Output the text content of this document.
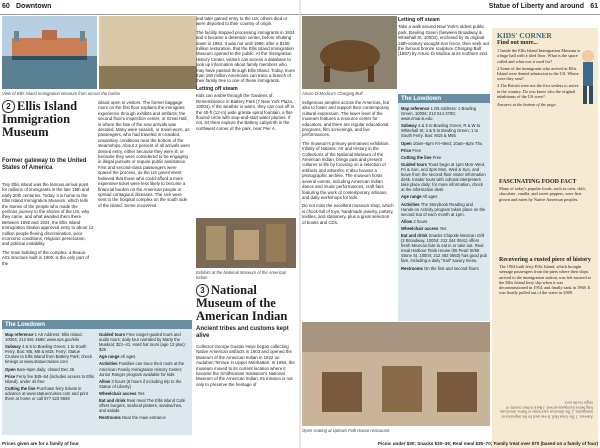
60 Downtown
View of Ellis Island Immigration Museum from across the harbor
2 Ellis Island Immigration Museum
Former gateway to the United States of America

Tiny Ellis Island was the famous arrival point for millions of immigrants in the late 19th and early 20th centuries. Today, it is home to the Ellis Island Immigration Museum, which tells the stories of the people who made the perilous journey to the shores of the US, why they came, and what awaited them there. Between 1892 and 1924, the Ellis Island Immigration Station approved entry to about 12 million people fleeing discrimination, poor economic conditions, religious persecution, and political instability.

The main building of the complex, a Beaux-Arts structure built in 1900, is the only part of the

island open to visitors. The former baggage room on the first floor explains the immigrant experience through exhibits and artifacts; the second floor's inspection center, or Great Hall, is where the fate of the new arrivals was decided. Many were seasick, or travel-worn, as passengers, who had traveled in crowded, unsanitary conditions near the bottom of the steamships. About 2 percent of all arrivals were denied entry, either because they were ill, or because they were considered to be engaging in illegal pursuits or require public assistance. First and second-class passengers were spared the process, as the US government believed that those who could afford a more expensive ticket were less likely to become a financial burden on the American people or spread contagious diseases. The sick were sent to the hospital complex on the south side of the island. Some recovered

and later gained entry to the US; others died or were deported to their country of origin.

The facility stopped processing immigrants in 1924 and it became a detention center, before shutting down in 1954. It was not until 1990, after a $160 million restoration, that the Ellis Island Immigration Museum opened to the public. At the Immigration History Center, visitors can access a database to look up information about family members who may have passed through Ellis Island. Today, more than 150 million Americans can trace a branch of their family tree to one of these immigrants.

Letting off steam

Kids can amble through the Gardens of Remembrance in Battery Park (7 New York Plaza, 10004). If the weather is warm, they can cool off in the 40-ft (12-m) wide granite spiral fountain, a flat-floored circle with stop-and-start water plumes. If not, let them explore the Battery Labyrinth in the northwest corner of the park, near Pier A.

Exhibits at the National Museum of the American Indian
3 National Museum of the American Indian
Ancient tribes and customs kept alive

Collector George Gustav Heye began collecting Native American artifacts in 1903 and opened the Museum of the American Indian in 1922 on Audubon Terrace in Upper Manhattan. In 1994, the museum moved to its current location where it became the Smithsonian Institution's National Museum of the American Indian. Its mission is not only to preserve the heritage of

The Lowdown
Map reference 1 A5 Address: Ellis Island, 10004; 212 561 4588; www.nps.gov/elis
Subway 4 & 5 to Bowling Green; 1 to South Ferry. Bus: M5, M6 & M15. Ferry: Statue Cruises to Ellis Island from Battery Park; check timings at www.statuecruises.com
Open 9am–5pm daily; closed Dec 25
Price Ferry fee $45–54 (includes access to Ellis Island), under 4s free
Cutting the line Purchase ferry tickets in advance at www.statuecruises.com and print them at home or call 877 523 9849
Guided tours Free ranger-guided tours and audio tours; daily tour narrated by Marty the Muskrat; $21–41. Hard hat tours (age 13 plus): $25
Age range All ages
Activities Families can trace their roots at the American Family Immigration History Center; Junior Ranger program available for kids
Allow 3 hours (6 hours if including trip to the Statue of Liberty)
Wheelchair access Yes
Eat and drink Real meal The Ellis Island Café offers burgers, seafood platters, sandwiches, and salads.
Restrooms Near the main entrance
Prices given are for a family of four
Statue of Liberty and around 61
Arturo Di Modica's Charging Bull

indigenous peoples across the Americas, but also to foster and support their contemporary cultural expression. The lower level of the museum features a resource center for educators, and there are regular educational programs, film screenings, and live performances.

The museum's primary permanent exhibition, Infinity of Nations: Art and History in the Collections of the National Museum of the American Indian, brings past and present cultures to life by focusing on a selection of artifacts and artworks. It also houses a photographic archive. The museum hosts several events, including American Indian dance and music performances, craft fairs featuring the work of contemporary artisans, and daily workshops for kids.

Do not miss the excellent museum shop, which is chock-full of toys, handmade jewelry, pottery, textiles, and stationery, plus a great selection of books and CDs.

Open seating at Uptown Folk House restaurant
Letting off steam

Take a walk around New York's oldest public park, Bowling Green (between Broadway & Whitehall St, 10004), enclosed by its original 18th-century wrought-iron fence, then seek out the famous bronze sculpture Charging Bull (1987) by Arturo Di Modica at its northern end.

The Lowdown
Map reference 1 D5 Address: 1 Bowling Green, 10004; 212 514 3700; www.nmai.si.edu
Subway 4 & 5 to Bowling Green; R & W to Whitehall St; 4 & 5 to Bowling Green; 1 to South Ferry. Bus: M15 & M55
Open 10am–5pm Fri–Wed; 10am–8pm Thu
Price Free
Cutting the line Free
Guided tours Tours begin at 1pm Mon–Wed, Fri & Sun, and 3pm Mon, Wed & Sun, and leave from the second-floor visitor information desk. Insider tours with cultural interpreters take place daily; for more information, check at the information desk
Age range All ages
Activities The Storybook Reading and Hands-on Activity program takes place on the second Sat of each month at 1pm.
Allow 2 hours
Wheelchair access Yes
Eat and drink Snacks Chipotle Mexican Grill (2 Broadway, 10004; 212 344 0941) offers fresh Mexican fare to eat in or take out. Real meal Harbour Tsink House (85 Pearl St/58 Stone St, 10004; 212 482 0663) has good pub fare, including a daily "trail" savory menu.
Restrooms On the first and second floors
KIDS' CORNER
Find out more...

1 Inside the Ellis Island Immigration Museum is a huge hall with a tiled floor. What is the space called and what was it used for?

2 Some of the immigrants who arrived at Ellis Island were denied admission to the US. Where were they sent?

3 The British were not the first settlers to arrive in the country. Do you know who the original inhabitants of the US were?

Answers at the bottom of the page.

FASCINATING FOOD FACT

Many of today's popular foods, such as corn, chili, chocolate, vanilla, and sweet peppers, were first grown and eaten by Native American peoples.

Recovering a rusted piece of history

The 1904 built ferry Ellis Island, which brought steerage passengers from the piers where their ships arrived to the immigration station, was left moored at the Ellis Island ferry slip when it was decommissioned in 1954, and finally sank in 1968. It was finally pulled out of the water in 2009.

Answers: 1 The Great Hall. It was used for the inspection of immigrants. 2 The Americas were home to Native Americans long before Europeans arrived. 3 Back to their country of origin via the ferry.
Picnic under $30; Snacks $30–35; Real meal $35–70; Family treat over $70 (based on a family of four)
